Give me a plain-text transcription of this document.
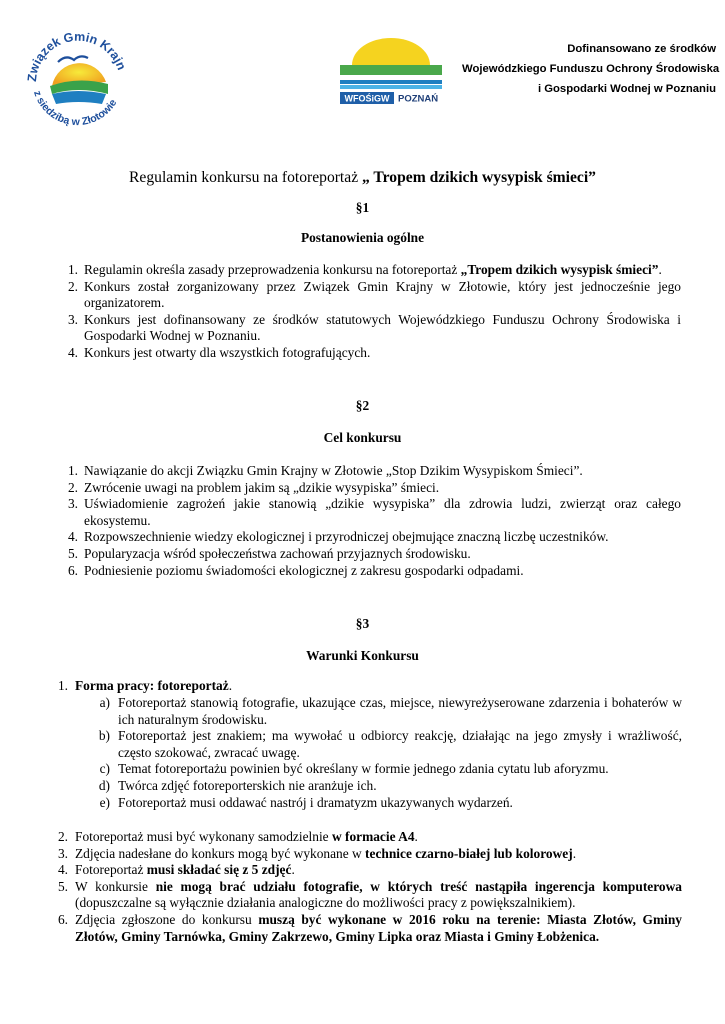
Związek Gmin Krajn
z siedzibą w Złotowie	WFOŚiGW POZNAŃ
Dofinansowano ze środków
Wojewódzkiego Funduszu Ochrony Środowiska
i Gospodarki Wodnej w Poznaniu
Regulamin konkursu na fotoreportaż „ Tropem dzikich wysypisk śmieci”
§1
Postanowienia ogólne
1. Regulamin określa zasady przeprowadzenia konkursu na fotoreportaż „Tropem dzikich wysypisk śmieci”.
2. Konkurs został zorganizowany przez Związek Gmin Krajny w Złotowie, który jest jednocześnie jego organizatorem.
3. Konkurs jest dofinansowany ze środków statutowych Wojewódzkiego Funduszu Ochrony Środowiska i Gospodarki Wodnej w Poznaniu.
4. Konkurs jest otwarty dla wszystkich fotografujących.
§2
Cel konkursu
1. Nawiązanie do akcji Związku Gmin Krajny w Złotowie „Stop Dzikim Wysypiskom Śmieci”.
2. Zwrócenie uwagi na problem jakim są „dzikie wysypiska” śmieci.
3. Uświadomienie zagrożeń jakie stanowią „dzikie wysypiska” dla zdrowia ludzi, zwierząt oraz całego ekosystemu.
4. Rozpowszechnienie wiedzy ekologicznej i przyrodniczej obejmujące znaczną liczbę uczestników.
5. Popularyzacja wśród społeczeństwa zachowań przyjaznych środowisku.
6. Podniesienie poziomu świadomości ekologicznej z zakresu gospodarki odpadami.
§3
Warunki Konkursu
1. Forma pracy: fotoreportaż.
a) Fotoreportaż stanowią fotografie, ukazujące czas, miejsce, niewyreżyserowane zdarzenia i bohaterów w ich naturalnym środowisku.
b) Fotoreportaż jest znakiem; ma wywołać u odbiorcy reakcję, działając na jego zmysły i wrażliwość, często szokować, zwracać uwagę.
c) Temat fotoreportażu powinien być określany w formie jednego zdania cytatu lub aforyzmu.
d) Twórca zdjęć fotoreporterskich nie aranżuje ich.
e) Fotoreportaż musi oddawać nastrój i dramatyzm ukazywanych wydarzeń.
2. Fotoreportaż musi być wykonany samodzielnie w formacie A4.
3. Zdjęcia nadesłane do konkurs mogą być wykonane w technice czarno-białej lub kolorowej.
4. Fotoreportaż musi składać się z 5 zdjęć.
5. W konkursie nie mogą brać udziału fotografie, w których treść nastąpiła ingerencja komputerowa (dopuszczalne są wyłącznie działania analogiczne do możliwości pracy z powiększalnikiem).
6. Zdjęcia zgłoszone do konkursu muszą być wykonane w 2016 roku na terenie: Miasta Złotów, Gminy Złotów, Gminy Tarnówka, Gminy Zakrzewo, Gminy Lipka oraz Miasta i Gminy Łobżenica.
